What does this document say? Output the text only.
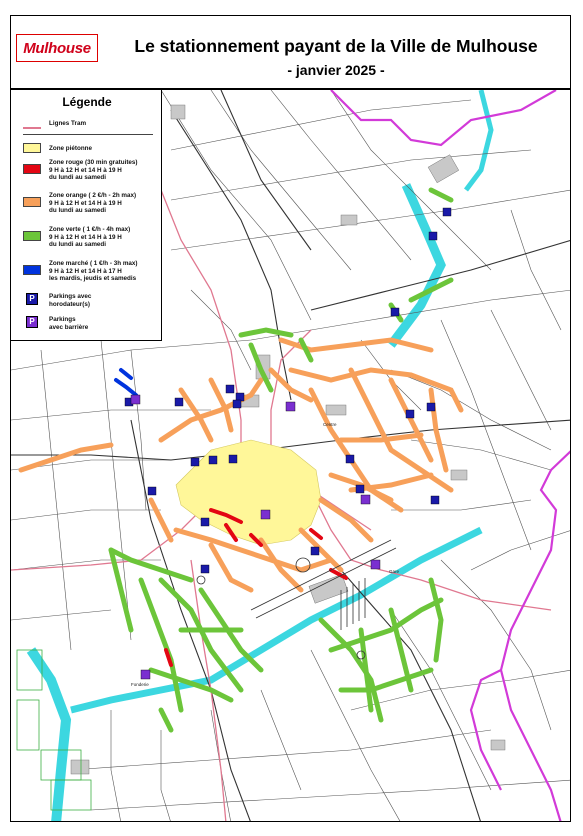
Mulhouse	Le stationnement payant de la Ville de Mulhouse
- janvier 2025 -
Centre
Gare
Fonderie
Légende
Lignes Tram
Zone piétonne
Zone rouge (30 min gratuites)
9 H à 12 H et 14 H à 19 H
du lundi au samedi
Zone orange ( 2 €/h - 2h max)
9 H à 12 H et 14 H à 19 H
du lundi au samedi
Zone verte ( 1 €/h - 4h max)
9 H à 12 H et 14 H à 19 H
du lundi au samedi
Zone marché ( 1 €/h - 3h max)
9 H à 12 H et 14 H à 17 H
les mardis, jeudis et samedis
P	Parkings avec
horodateur(s)
P	Parkings
avec barrière
